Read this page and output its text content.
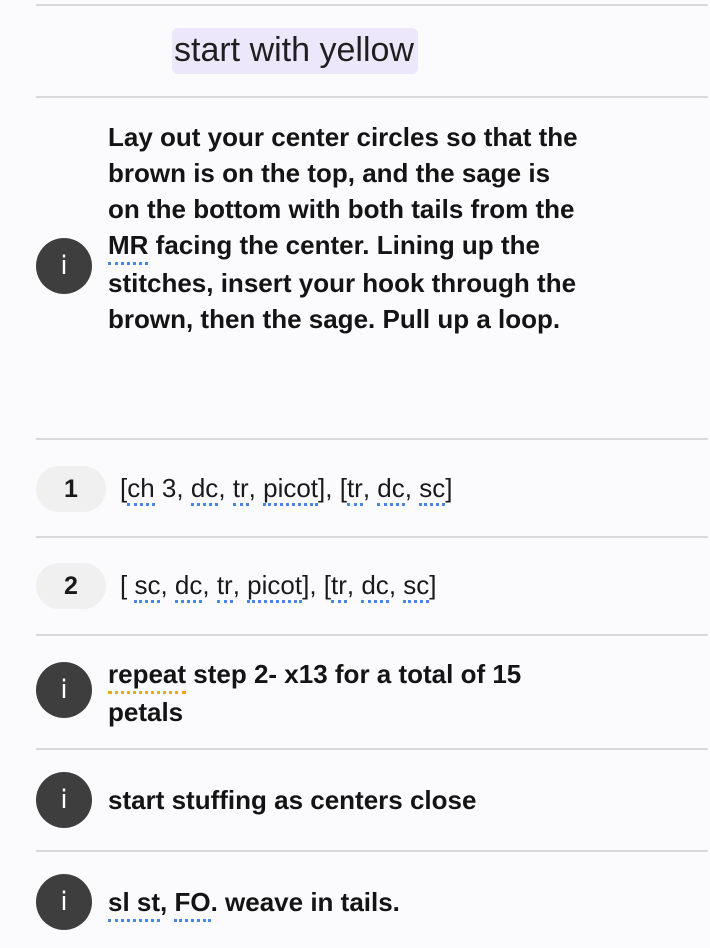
start with yellow
i
Lay out your center circles so that the brown is on the top, and the sage is on the bottom with both tails from the MR facing the center. Lining up the stitches, insert your hook through the brown, then the sage. Pull up a loop.
1	[ch 3, dc, tr, picot], [tr, dc, sc]
2	[ sc, dc, tr, picot], [tr, dc, sc]
i
repeat step 2- x13 for a total of 15 petals
i	start stuffing as centers close
i	sl st, FO. weave in tails.
